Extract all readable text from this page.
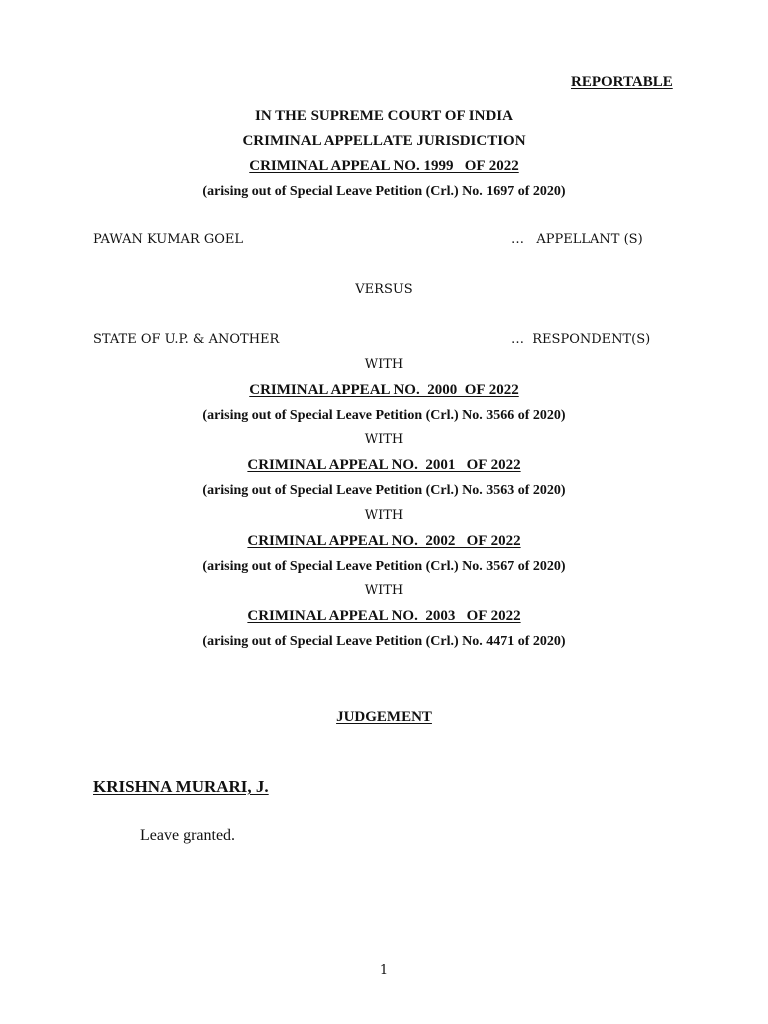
REPORTABLE
IN THE SUPREME COURT OF INDIA
CRIMINAL APPELLATE JURISDICTION
CRIMINAL APPEAL NO. 1999   OF 2022
(arising out of Special Leave Petition (Crl.) No. 1697 of 2020)
PAWAN KUMAR GOEL	…   APPELLANT (S)
VERSUS
STATE OF U.P. & ANOTHER	…  RESPONDENT(S)
WITH
CRIMINAL APPEAL NO.  2000  OF 2022
(arising out of Special Leave Petition (Crl.) No. 3566 of 2020)
WITH
CRIMINAL APPEAL NO.  2001   OF 2022
(arising out of Special Leave Petition (Crl.) No. 3563 of 2020)
WITH
CRIMINAL APPEAL NO.  2002   OF 2022
(arising out of Special Leave Petition (Crl.) No. 3567 of 2020)
WITH
CRIMINAL APPEAL NO.  2003   OF 2022
(arising out of Special Leave Petition (Crl.) No. 4471 of 2020)
JUDGEMENT
KRISHNA MURARI, J.
Leave granted.
1
